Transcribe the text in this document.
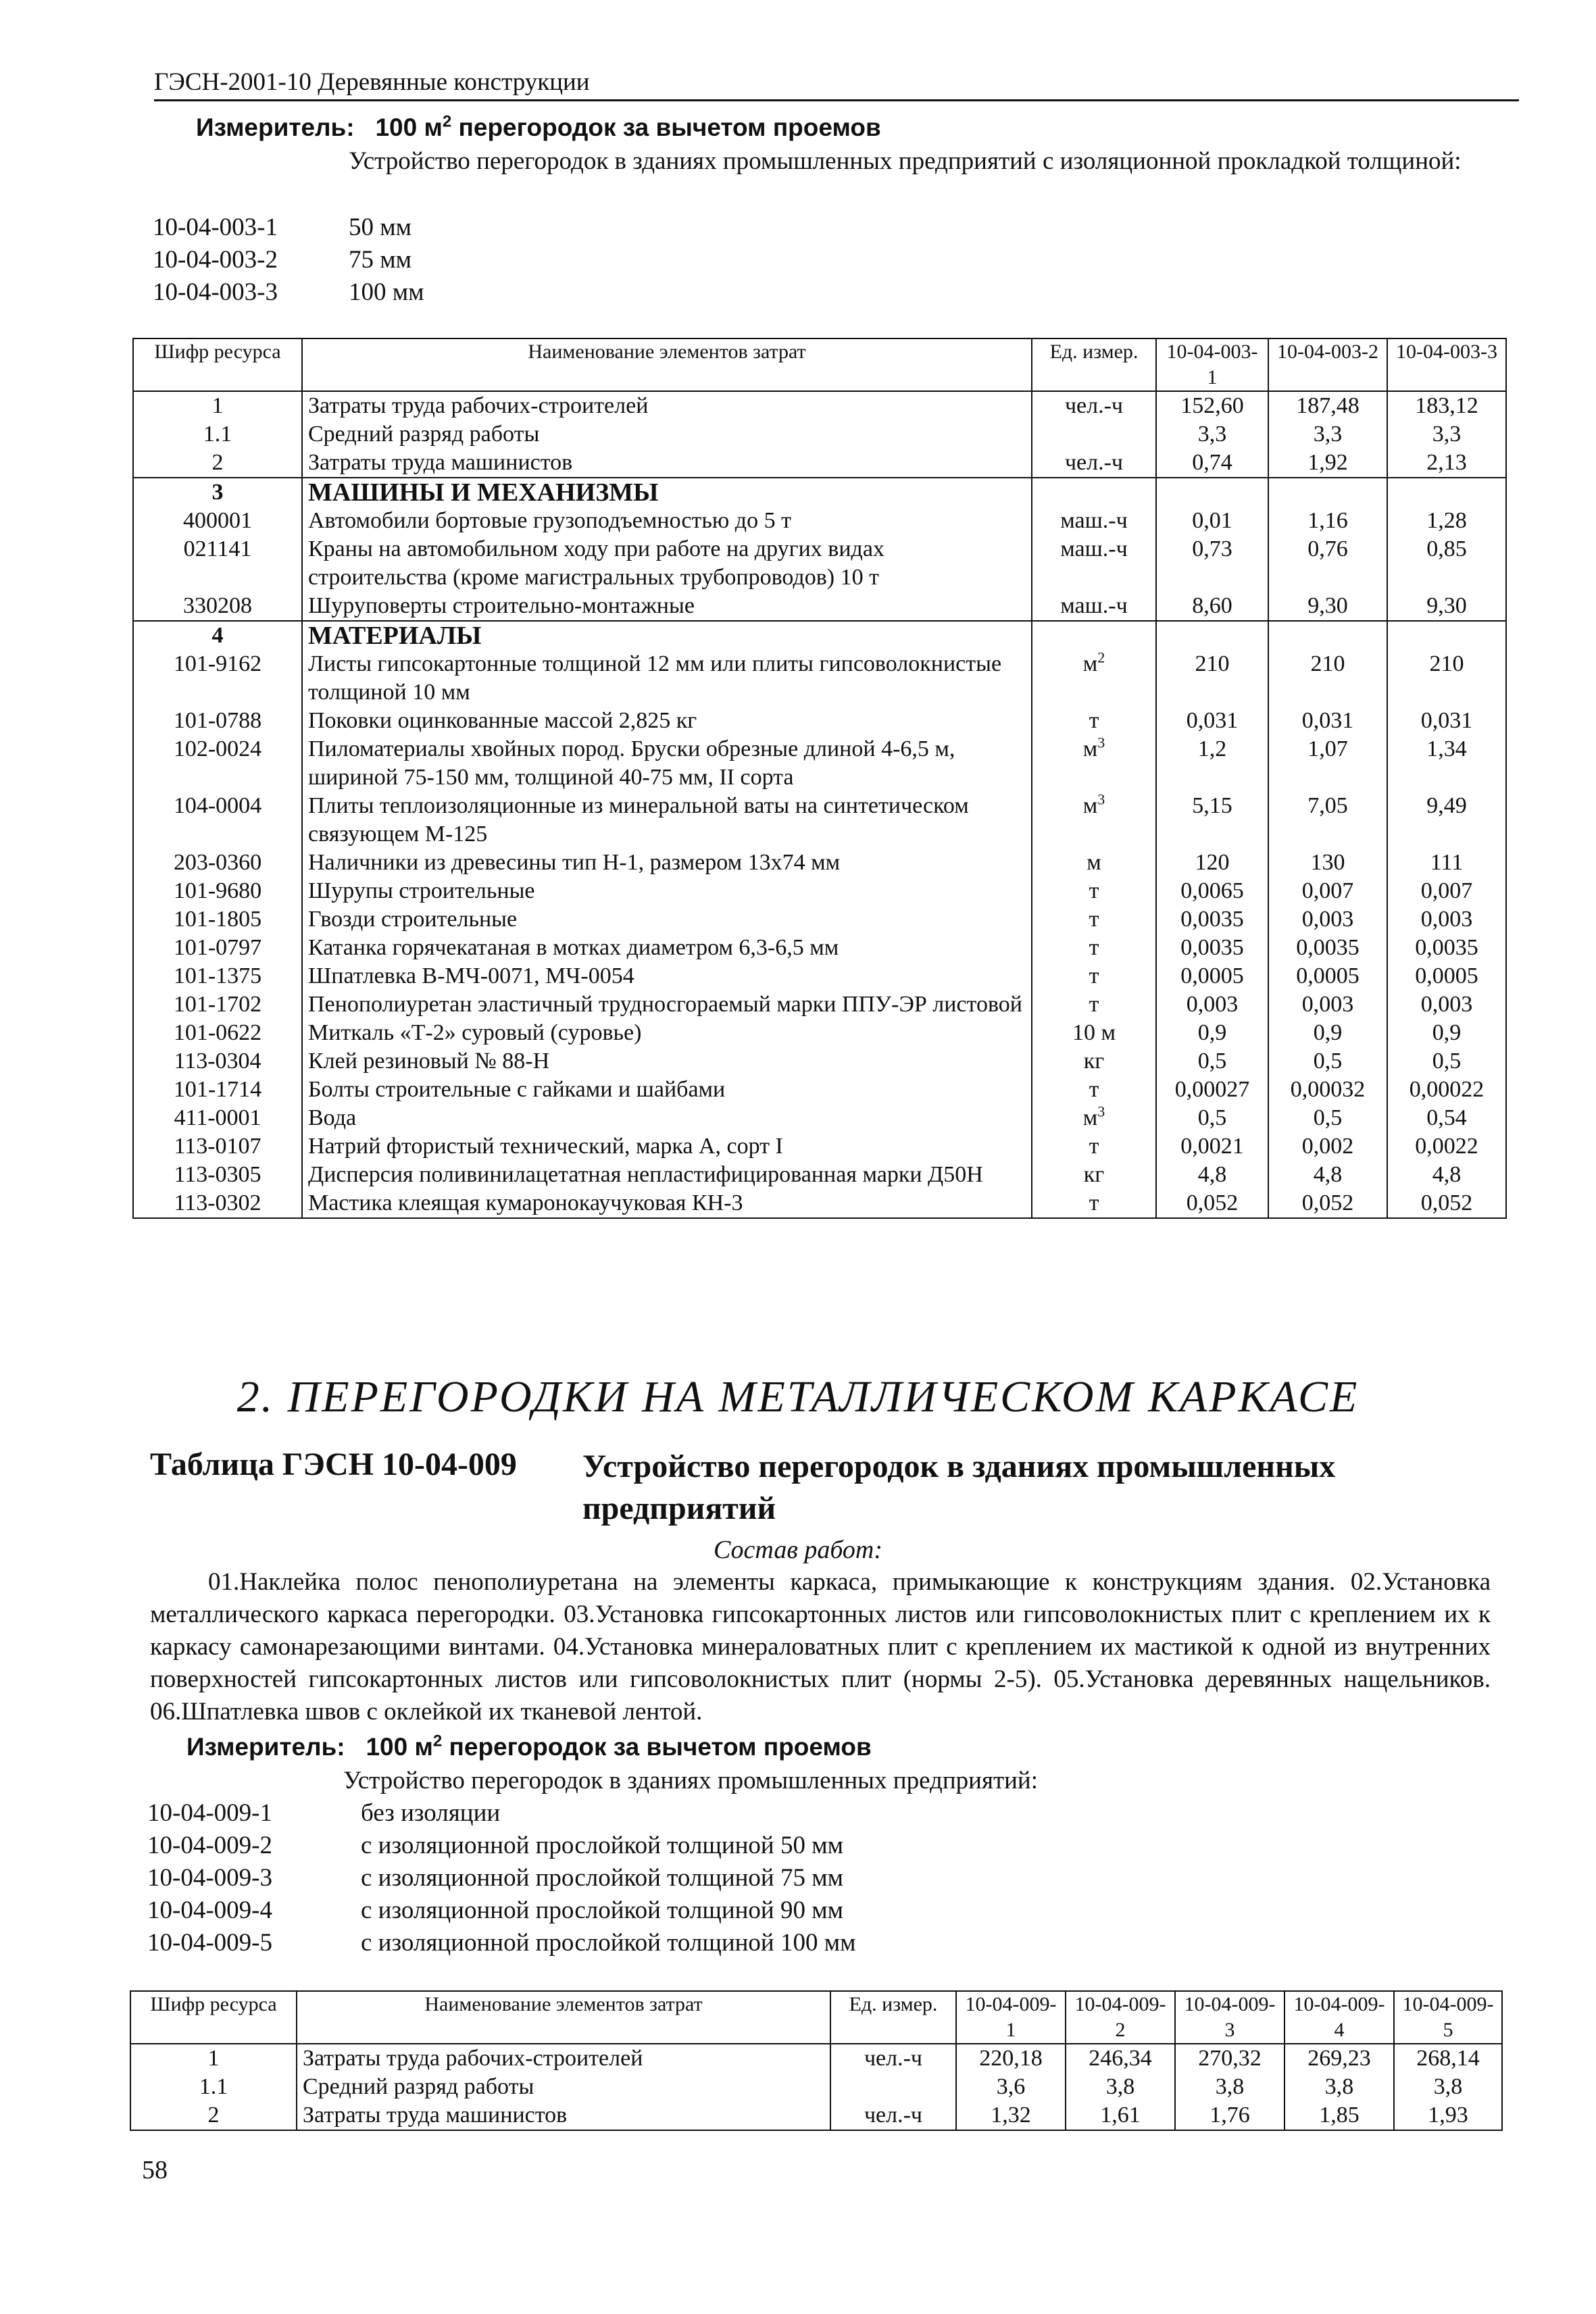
ГЭСН-2001-10 Деревянные конструкции
Измеритель: 100 $м^2$ перегородок за вычетом проемов
Устройство перегородок в зданиях промышленных предприятий с изоляционной прокладкой толщиной:
10-04-003-1	50 мм
10-04-003-2	75 мм
10-04-003-3	100 мм
Шифр ресурса	Наименование элементов затрат	Ед. измер.	10-04-003-1	10-04-003-2	10-04-003-3
1	Затраты труда рабочих-строителей	чел.-ч	152,60	187,48	183,12
1.1	Средний разряд работы		3,3	3,3	3,3
2	Затраты труда машинистов	чел.-ч	0,74	1,92	2,13
3	МАШИНЫ И МЕХАНИЗМЫ				
400001	Автомобили бортовые грузоподъемностью до 5 т	маш.-ч	0,01	1,16	1,28
021141	Краны на автомобильном ходу при работе на других видах строительства (кроме магистральных трубопроводов) 10 т	маш.-ч	0,73	0,76	0,85
330208	Шуруповерты строительно-монтажные	маш.-ч	8,60	9,30	9,30
4	МАТЕРИАЛЫ				
101-9162	Листы гипсокартонные толщиной 12 мм или плиты гипсоволокнистые толщиной 10 мм	$м^2$	210	210	210
101-0788	Поковки оцинкованные массой 2,825 кг	т	0,031	0,031	0,031
102-0024	Пиломатериалы хвойных пород. Бруски обрезные длиной 4-6,5 м, шириной 75-150 мм, толщиной 40-75 мм, II сорта	$м^3$	1,2	1,07	1,34
104-0004	Плиты теплоизоляционные из минеральной ваты на синтетическом связующем М-125	$м^3$	5,15	7,05	9,49
203-0360	Наличники из древесины тип Н-1, размером 13х74 мм	м	120	130	111
101-9680	Шурупы строительные	т	0,0065	0,007	0,007
101-1805	Гвозди строительные	т	0,0035	0,003	0,003
101-0797	Катанка горячекатаная в мотках диаметром 6,3-6,5 мм	т	0,0035	0,0035	0,0035
101-1375	Шпатлевка В-МЧ-0071, МЧ-0054	т	0,0005	0,0005	0,0005
101-1702	Пенополиуретан эластичный трудносгораемый марки ППУ-ЭР листовой	т	0,003	0,003	0,003
101-0622	Миткаль «Т-2» суровый (суровье)	10 м	0,9	0,9	0,9
113-0304	Клей резиновый № 88-Н	кг	0,5	0,5	0,5
101-1714	Болты строительные с гайками и шайбами	т	0,00027	0,00032	0,00022
411-0001	Вода	$м^3$	0,5	0,5	0,54
113-0107	Натрий фтористый технический, марка А, сорт I	т	0,0021	0,002	0,0022
113-0305	Дисперсия поливинилацетатная непластифицированная марки Д50Н	кг	4,8	4,8	4,8
113-0302	Мастика клеящая кумаронокаучуковая КН-3	т	0,052	0,052	0,052
2. ПЕРЕГОРОДКИ НА МЕТАЛЛИЧЕСКОМ КАРКАСЕ
Таблица ГЭСН 10-04-009 Устройство перегородок в зданиях промышленных предприятий
Состав работ:
01.Наклейка полос пенополиуретана на элементы каркаса, примыкающие к конструкциям здания. 02.Установка металлического каркаса перегородки. 03.Установка гипсокартонных листов или гипсоволокнистых плит с креплением их к каркасу самонарезающими винтами. 04.Установка минераловатных плит с креплением их мастикой к одной из внутренних поверхностей гипсокартонных листов или гипсоволокнистых плит (нормы 2-5). 05.Установка деревянных нащельников. 06.Шпатлевка швов с оклейкой их тканевой лентой.
Измеритель: 100 $м^2$ перегородок за вычетом проемов
Устройство перегородок в зданиях промышленных предприятий:
10-04-009-1	без изоляции
10-04-009-2	с изоляционной прослойкой толщиной 50 мм
10-04-009-3	с изоляционной прослойкой толщиной 75 мм
10-04-009-4	с изоляционной прослойкой толщиной 90 мм
10-04-009-5	с изоляционной прослойкой толщиной 100 мм
Шифр ресурса	Наименование элементов затрат	Ед. измер.	10-04-009-1	10-04-009-2	10-04-009-3	10-04-009-4	10-04-009-5
1	Затраты труда рабочих-строителей	чел.-ч	220,18	246,34	270,32	269,23	268,14
1.1	Средний разряд работы		3,6	3,8	3,8	3,8	3,8
2	Затраты труда машинистов	чел.-ч	1,32	1,61	1,76	1,85	1,93
58
